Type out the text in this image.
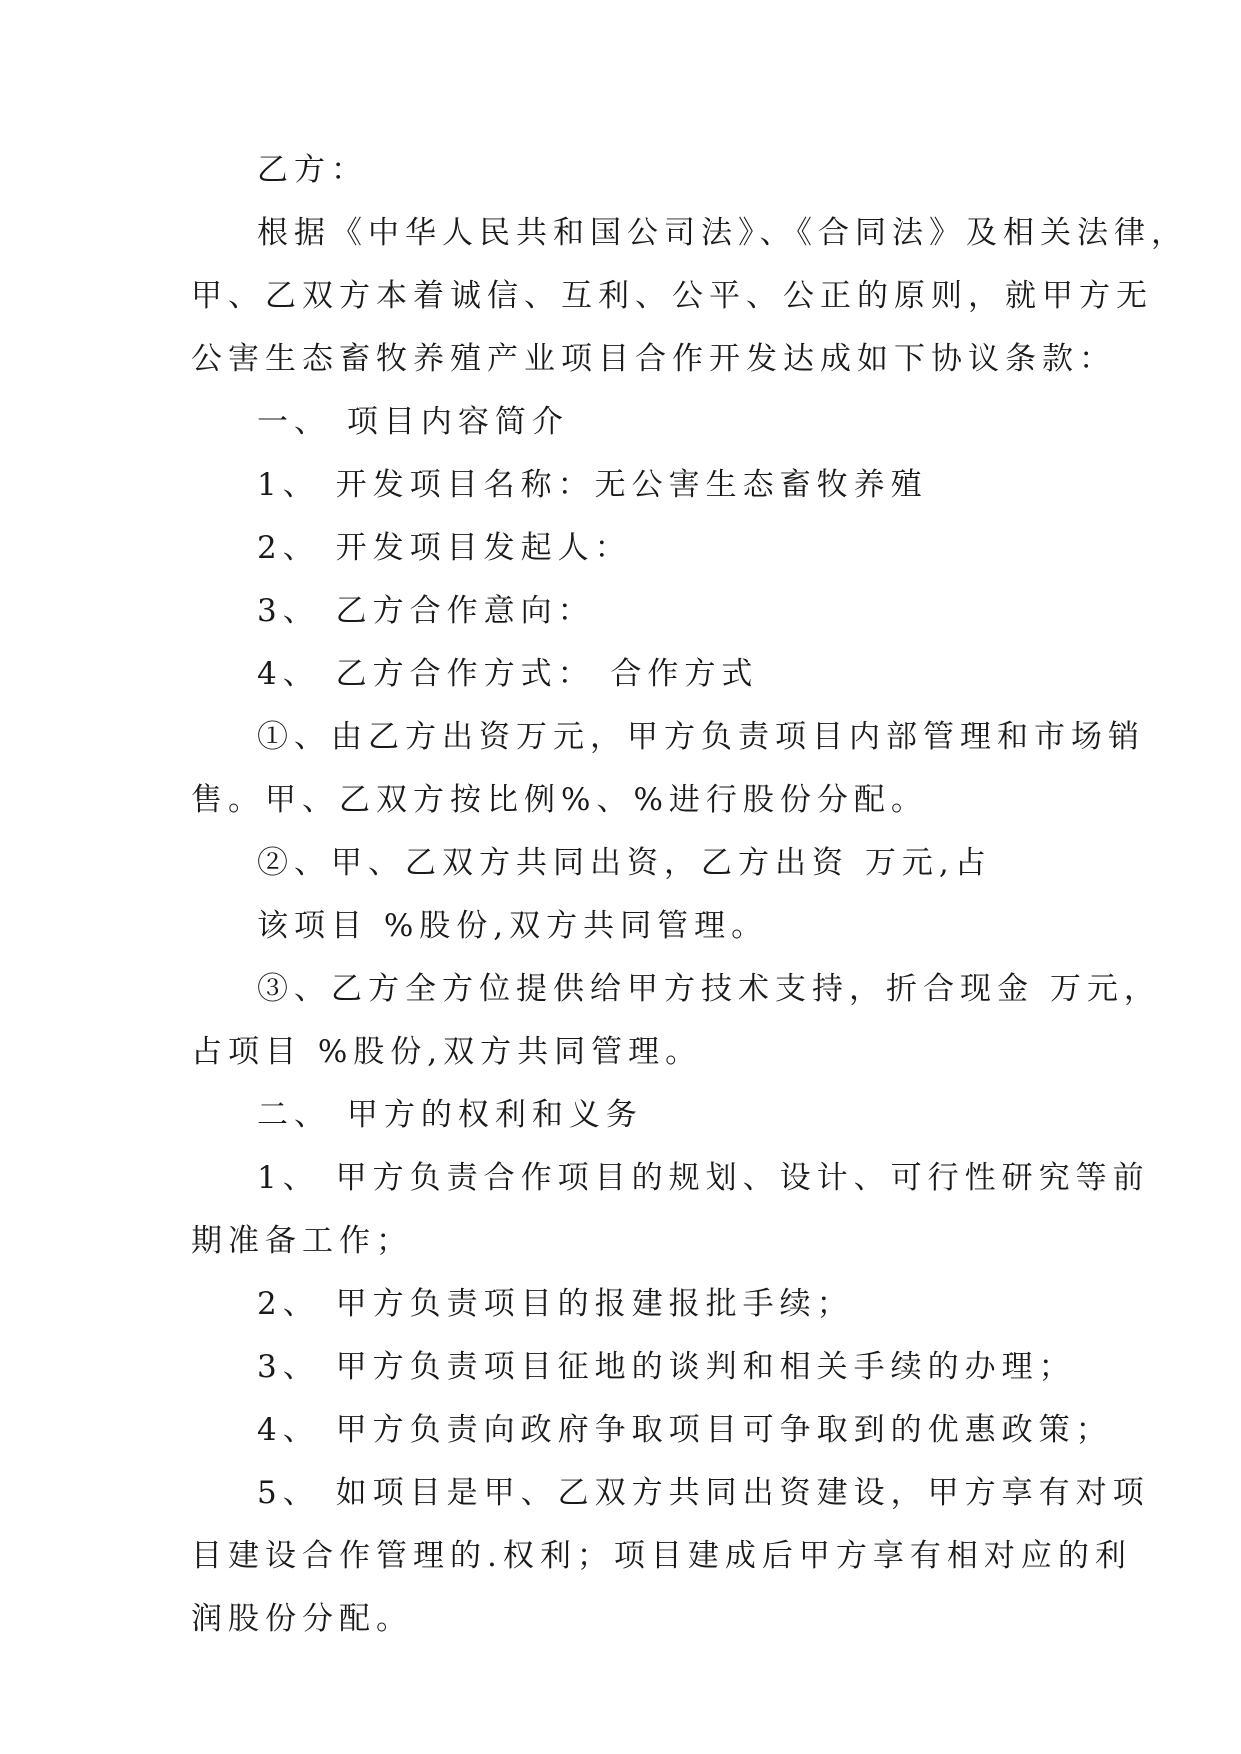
乙方：
根据《中华人民共和国公司法》、《合同法》及相关法律，
甲、乙双方本着诚信、互利、公平、公正的原则，就甲方无
公害生态畜牧养殖产业项目合作开发达成如下协议条款：
一、 项目内容简介
1、 开发项目名称：无公害生态畜牧养殖
2、 开发项目发起人：
3、 乙方合作意向：
4、 乙方合作方式： 合作方式
①、由乙方出资万元，甲方负责项目内部管理和市场销
售。甲、乙双方按比例%、%进行股份分配。
②、甲、乙双方共同出资，乙方出资 万元,占
该项目 %股份,双方共同管理。
③、乙方全方位提供给甲方技术支持，折合现金 万元，
占项目 %股份,双方共同管理。
二、 甲方的权利和义务
1、 甲方负责合作项目的规划、设计、可行性研究等前
期准备工作；
2、 甲方负责项目的报建报批手续；
3、 甲方负责项目征地的谈判和相关手续的办理；
4、 甲方负责向政府争取项目可争取到的优惠政策；
5、 如项目是甲、乙双方共同出资建设，甲方享有对项
目建设合作管理的.权利；项目建成后甲方享有相对应的利
润股份分配。
